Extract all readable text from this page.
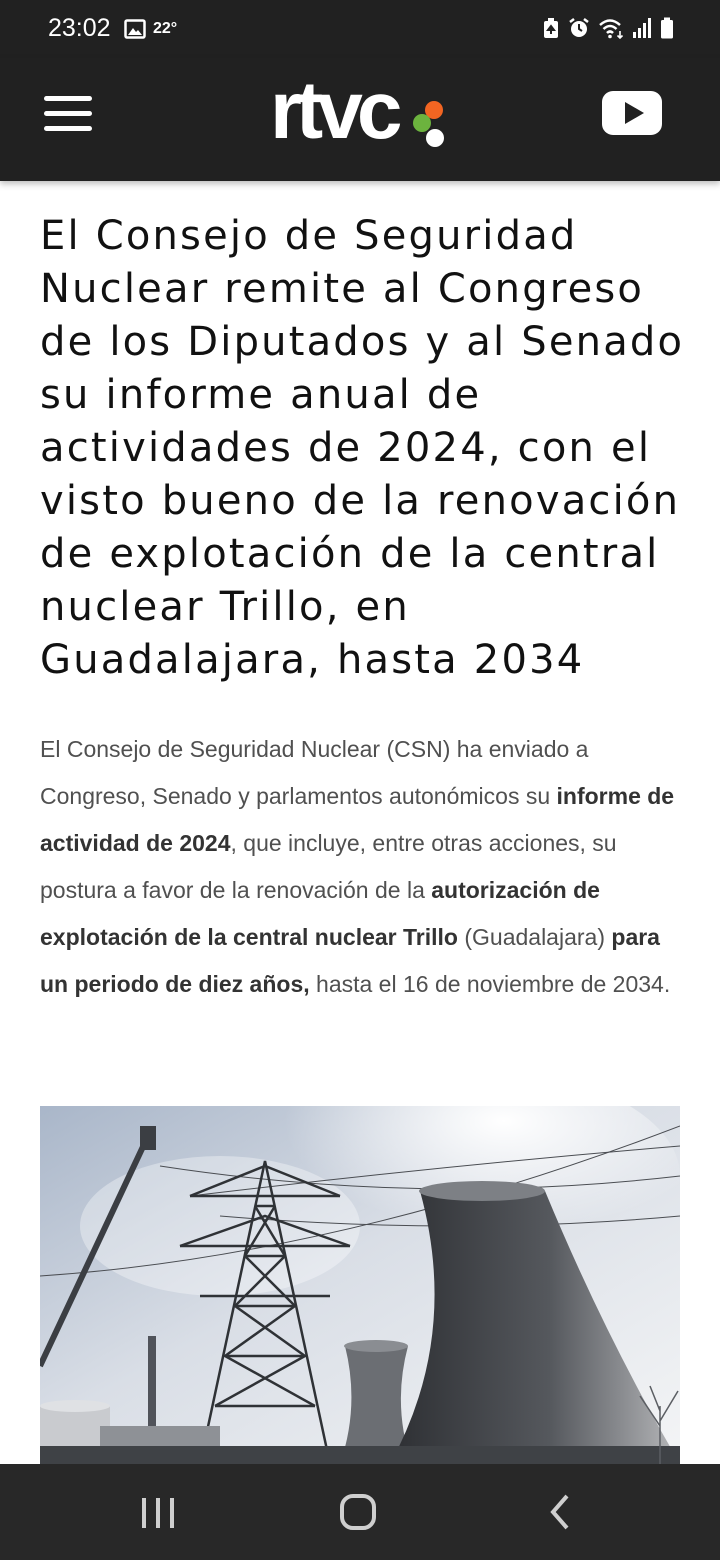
23:02	22°
rtvc
El Consejo de Seguridad Nuclear remite al Congreso de los Diputados y al Senado su informe anual de actividades de 2024, con el visto bueno de la renovación de explotación de la central nuclear Trillo, en Guadalajara, hasta 2034

El Consejo de Seguridad Nuclear (CSN) ha enviado a Congreso, Senado y parlamentos autonómicos su informe de actividad de 2024, que incluye, entre otras acciones, su postura a favor de la renovación de la autorización de explotación de la central nuclear Trillo (Guadalajara) para un periodo de diez años, hasta el 16 de noviembre de 2034.
